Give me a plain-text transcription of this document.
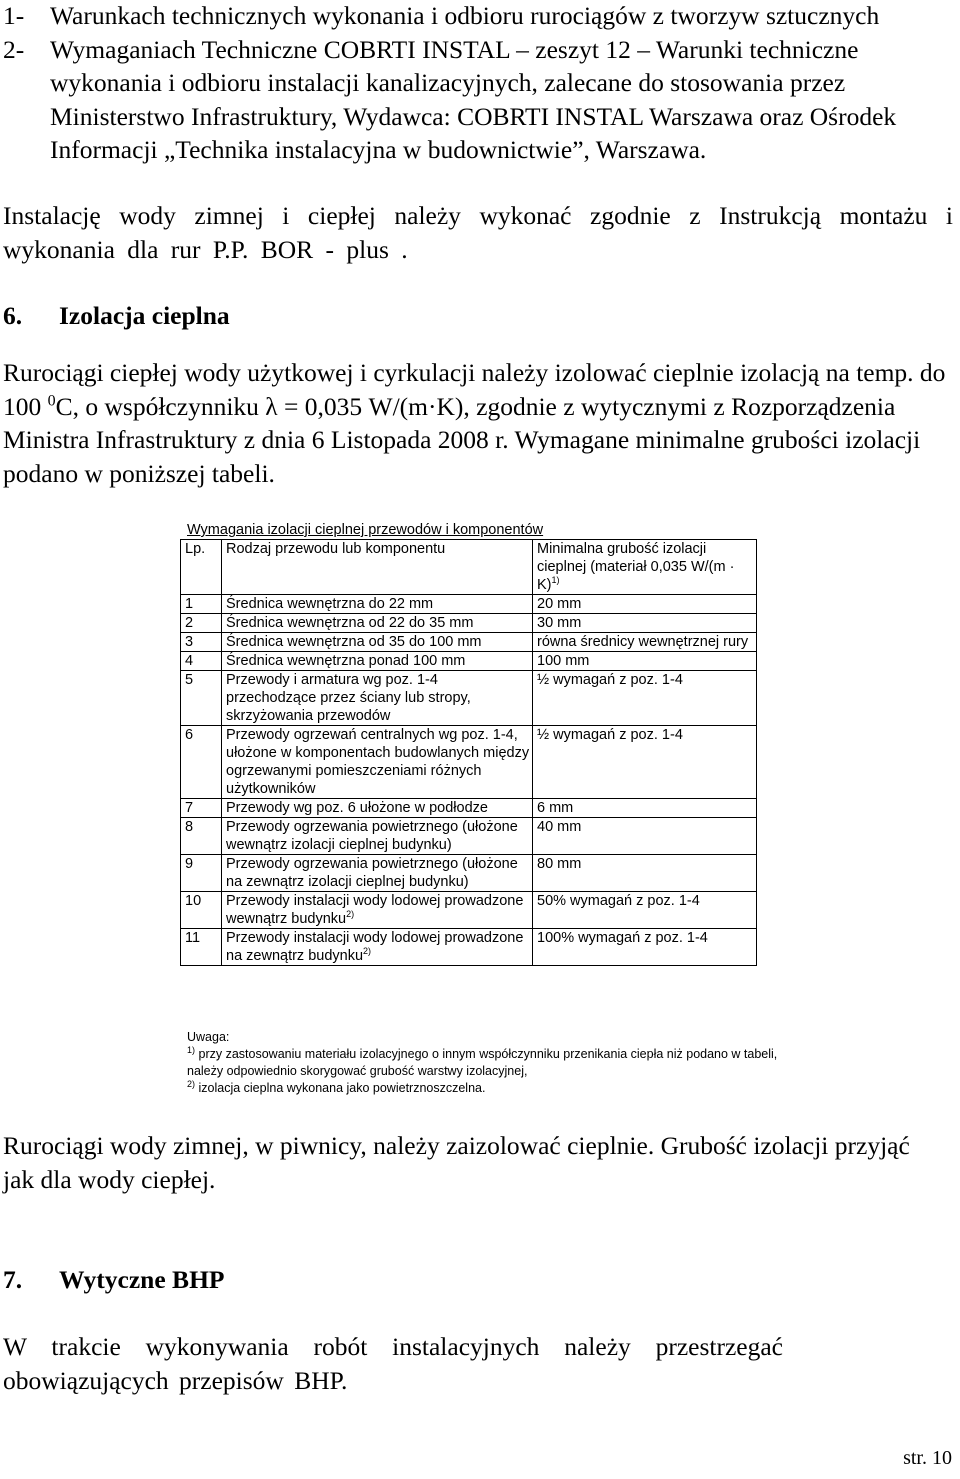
1-	Warunkach technicznych wykonania i odbioru rurociągów z tworzyw sztucznych
2-	Wymaganiach Techniczne COBRTI INSTAL – zeszyt 12 – Warunki techniczne wykonania i odbioru instalacji kanalizacyjnych, zalecane do stosowania przez Ministerstwo Infrastruktury, Wydawca: COBRTI INSTAL Warszawa oraz Ośrodek Informacji „Technika instalacyjna w budownictwie”, Warszawa.
Instalację wody zimnej i ciepłej należy wykonać zgodnie z Instrukcją montażu i wykonania dla rur P.P. BOR - plus .
6. Izolacja cieplna
Rurociągi ciepłej wody użytkowej i cyrkulacji należy izolować cieplnie izolacją na temp. do 100 $^0$C, o współczynniku λ = 0,035 W/(m·K), zgodnie z wytycznymi z Rozporządzenia Ministra Infrastruktury z dnia 6 Listopada 2008 r. Wymagane minimalne grubości izolacji podano w poniższej tabeli.
Wymagania izolacji cieplnej przewodów i komponentów
Lp.	Rodzaj przewodu lub komponentu	Minimalna grubość izolacji cieplnej (materiał 0,035 $W/(m \cdot K)^{1)}$
1	Średnica wewnętrzna do 22 mm	20 mm
2	Średnica wewnętrzna od 22 do 35 mm	30 mm
3	Średnica wewnętrzna od 35 do 100 mm	równa średnicy wewnętrznej rury
4	Średnica wewnętrzna ponad 100 mm	100 mm
5	Przewody i armatura wg poz. 1-4 przechodzące przez ściany lub stropy, skrzyżowania przewodów	½ wymagań z poz. 1-4
6	Przewody ogrzewań centralnych wg poz. 1-4, ułożone w komponentach budowlanych między ogrzewanymi pomieszczeniami różnych użytkowników	½ wymagań z poz. 1-4
7	Przewody wg poz. 6 ułożone w podłodze	6 mm
8	Przewody ogrzewania powietrznego (ułożone wewnątrz izolacji cieplnej budynku)	40 mm
9	Przewody ogrzewania powietrznego (ułożone na zewnątrz izolacji cieplnej budynku)	80 mm
10	Przewody instalacji wody lodowej prowadzone wewnątrz budynku$^{2)}$	50% wymagań z poz. 1-4
11	Przewody instalacji wody lodowej prowadzone na zewnątrz budynku$^{2)}$	100% wymagań z poz. 1-4
Uwaga:
$^{1)}$ przy zastosowaniu materiału izolacyjnego o innym współczynniku przenikania ciepła niż podano w tabeli, należy odpowiednio skorygować grubość warstwy izolacyjnej,
$^{2)}$ izolacja cieplna wykonana jako powietrznoszczelna.
Rurociągi wody zimnej, w piwnicy, należy zaizolować cieplnie. Grubość izolacji przyjąć jak dla wody ciepłej.
7. Wytyczne BHP
W trakcie wykonywania robót instalacyjnych należy przestrzegać obowiązujących przepisów BHP.
str. 10
